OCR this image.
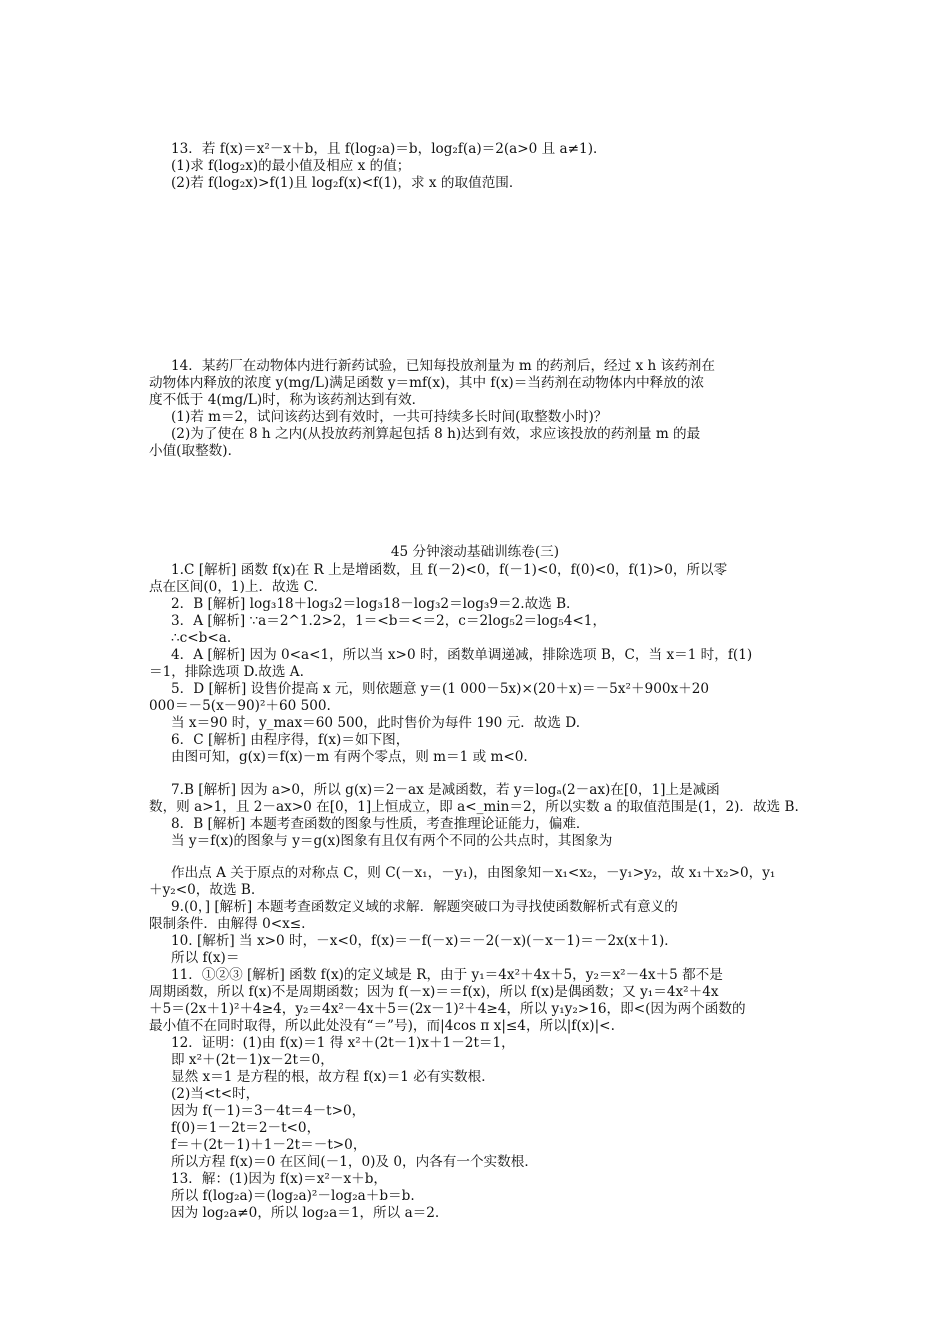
13．若 f(x)＝x²－x＋b，且 f(log₂a)＝b，log₂f(a)＝2(a>0 且 a≠1)．
(1)求 f(log₂x)的最小值及相应 x 的值；
(2)若 f(log₂x)>f(1)且 log₂f(x)<f(1)，求 x 的取值范围．
14．某药厂在动物体内进行新药试验，已知每投放剂量为 m 的药剂后，经过 x h 该药剂在
动物体内释放的浓度 y(mg/L)满足函数 y＝mf(x)，其中 f(x)＝当药剂在动物体内中释放的浓
度不低于 4(mg/L)时，称为该药剂达到有效．
(1)若 m＝2，试问该药达到有效时，一共可持续多长时间(取整数小时)？
(2)为了使在 8 h 之内(从投放药剂算起包括 8 h)达到有效，求应该投放的药剂量 m 的最
小值(取整数)．
45 分钟滚动基础训练卷(三)
1.C [解析] 函数 f(x)在 R 上是增函数，且 f(－2)<0，f(－1)<0，f(0)<0，f(1)>0，所以零
点在区间(0，1)上．故选 C.
2．B [解析] log₃18＋log₃2＝log₃18－log₃2＝log₃9＝2.故选 B.
3．A [解析] ∵a＝2^1.2>2，1＝<b＝<＝2，c＝2log₅2＝log₅4<1，
∴c<b<a.
4．A [解析] 因为 0<a<1，所以当 x>0 时，函数单调递减，排除选项 B，C，当 x＝1 时，f(1)
＝1，排除选项 D.故选 A.
5．D [解析] 设售价提高 x 元，则依题意 y＝(1 000－5x)×(20＋x)＝－5x²＋900x＋20
000＝－5(x－90)²＋60 500.
当 x＝90 时，y_max＝60 500，此时售价为每件 190 元．故选 D.
6．C [解析] 由程序得，f(x)＝如下图，
由图可知，g(x)＝f(x)－m 有两个零点，则 m＝1 或 m<0.
7.B [解析] 因为 a>0，所以 g(x)＝2－ax 是减函数，若 y＝logₐ(2－ax)在[0，1]上是减函
数，则 a>1，且 2－ax>0 在[0，1]上恒成立，即 a<_min＝2，所以实数 a 的取值范围是(1，2)．故选 B.
8．B [解析] 本题考查函数的图象与性质，考查推理论证能力，偏难．
当 y＝f(x)的图象与 y＝g(x)图象有且仅有两个不同的公共点时，其图象为
作出点 A 关于原点的对称点 C，则 C(－x₁，－y₁)，由图象知－x₁<x₂，－y₁>y₂，故 x₁＋x₂>0，y₁
＋y₂<0，故选 B.
9.(0，] [解析] 本题考查函数定义域的求解．解题突破口为寻找使函数解析式有意义的
限制条件．由解得 0<x≤.
10. [解析] 当 x>0 时，－x<0，f(x)＝－f(－x)＝－2(－x)(－x－1)＝－2x(x＋1)．
所以 f(x)＝
11．①②③ [解析] 函数 f(x)的定义域是 R，由于 y₁＝4x²＋4x＋5，y₂＝x²－4x＋5 都不是
周期函数，所以 f(x)不是周期函数；因为 f(－x)＝＝f(x)，所以 f(x)是偶函数；又 y₁＝4x²＋4x
＋5＝(2x＋1)²＋4≥4，y₂＝4x²－4x＋5＝(2x－1)²＋4≥4，所以 y₁y₂>16，即<(因为两个函数的
最小值不在同时取得，所以此处没有“＝”号)，而|4cos π x|≤4，所以|f(x)|<.
12．证明：(1)由 f(x)＝1 得 x²＋(2t－1)x＋1－2t＝1，
即 x²＋(2t－1)x－2t＝0，
显然 x＝1 是方程的根，故方程 f(x)＝1 必有实数根．
(2)当<t<时，
因为 f(－1)＝3－4t＝4－t>0，
f(0)＝1－2t＝2－t<0，
f＝＋(2t－1)＋1－2t＝－t>0，
所以方程 f(x)＝0 在区间(－1，0)及 0，内各有一个实数根．
13．解：(1)因为 f(x)＝x²－x＋b，
所以 f(log₂a)＝(log₂a)²－log₂a＋b＝b.
因为 log₂a≠0，所以 log₂a＝1，所以 a＝2.
